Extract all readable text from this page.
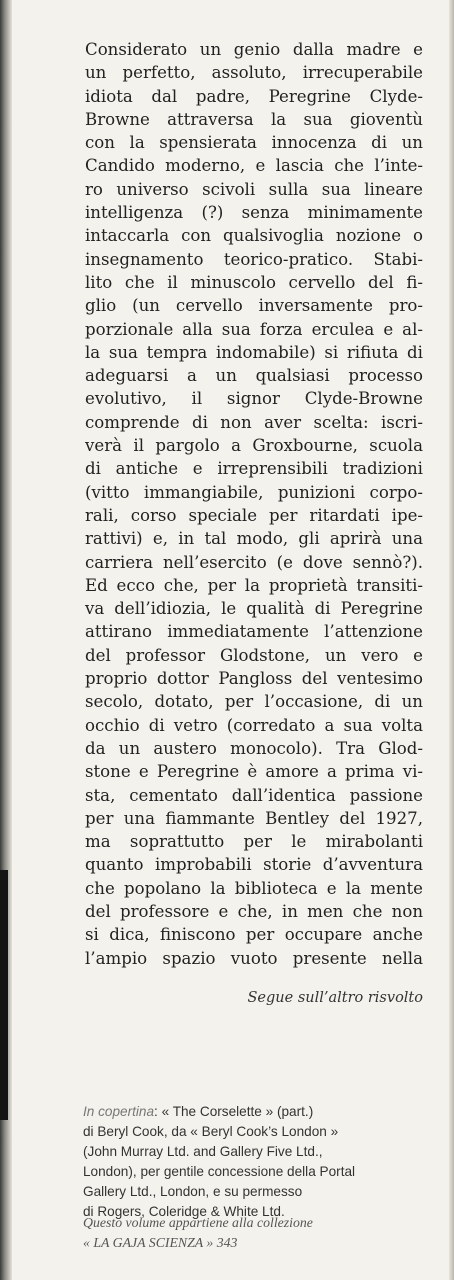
Considerato un genio dalla madre e
un perfetto, assoluto, irrecuperabile
idiota dal padre, Peregrine Clyde-
Browne attraversa la sua gioventù
con la spensierata innocenza di un
Candido moderno, e lascia che l’inte-
ro universo scivoli sulla sua lineare
intelligenza (?) senza minimamente
intaccarla con qualsivoglia nozione o
insegnamento teorico-pratico. Stabi-
lito che il minuscolo cervello del fi-
glio (un cervello inversamente pro-
porzionale alla sua forza erculea e al-
la sua tempra indomabile) si rifiuta di
adeguarsi a un qualsiasi processo
evolutivo, il signor Clyde-Browne
comprende di non aver scelta: iscri-
verà il pargolo a Groxbourne, scuola
di antiche e irreprensibili tradizioni
(vitto immangiabile, punizioni corpo-
rali, corso speciale per ritardati ipe-
rattivi) e, in tal modo, gli aprirà una
carriera nell’esercito (e dove sennò?).
Ed ecco che, per la proprietà transiti-
va dell’idiozia, le qualità di Peregrine
attirano immediatamente l’attenzione
del professor Glodstone, un vero e
proprio dottor Pangloss del ventesimo
secolo, dotato, per l’occasione, di un
occhio di vetro (corredato a sua volta
da un austero monocolo). Tra Glod-
stone e Peregrine è amore a prima vi-
sta, cementato dall’identica passione
per una fiammante Bentley del 1927,
ma soprattutto per le mirabolanti
quanto improbabili storie d’avventura
che popolano la biblioteca e la mente
del professore e che, in men che non
si dica, finiscono per occupare anche
l’ampio spazio vuoto presente nella
Segue sull’altro risvolto
In copertina: « The Corselette » (part.)
di Beryl Cook, da « Beryl Cook’s London »
(John Murray Ltd. and Gallery Five Ltd.,
London), per gentile concessione della Portal
Gallery Ltd., London, e su permesso
di Rogers, Coleridge & White Ltd.
Questo volume appartiene alla collezione
« LA GAJA SCIENZA » 343
